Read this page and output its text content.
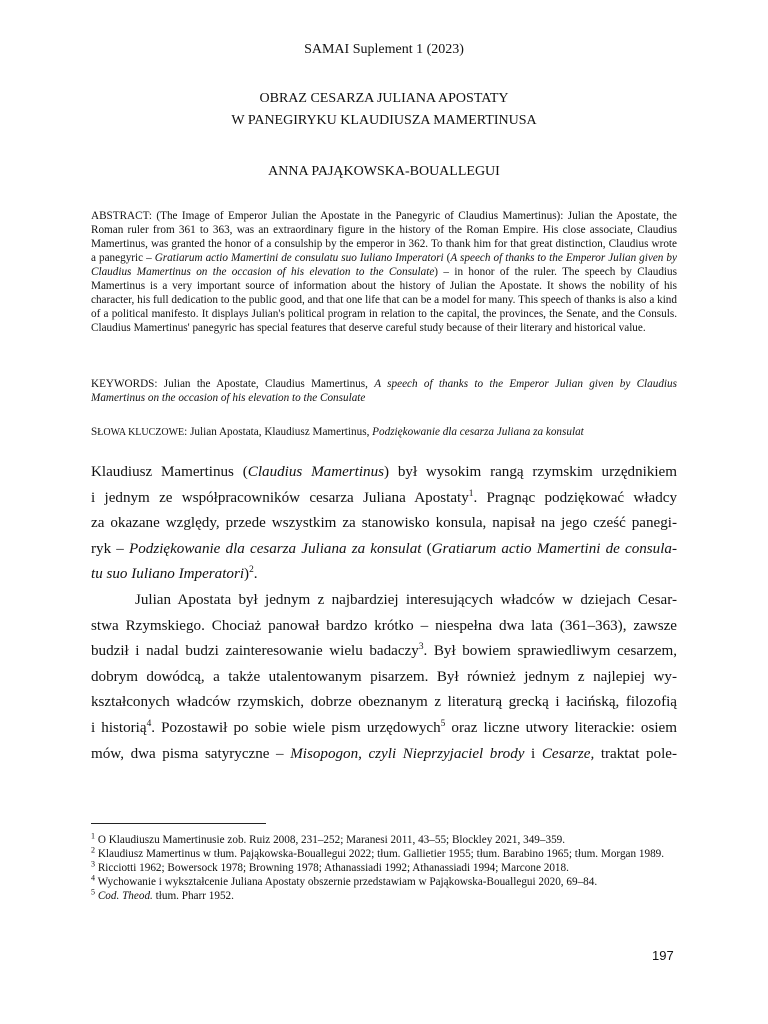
SAMAI Suplement 1 (2023)

OBRAZ CESARZA JULIANA APOSTATY
W PANEGIRYKU KLAUDIUSZA MAMERTINUSA

ANNA PAJĄKOWSKA-BOUALLEGUI

ABSTRACT: (The Image of Emperor Julian the Apostate in the Panegyric of Claudius Mamertinus): Julian the Apostate, the Roman ruler from 361 to 363, was an extraordinary figure in the history of the Roman Empire. His close associate, Claudius Mamertinus, was granted the honor of a consulship by the emperor in 362. To thank him for that great distinction, Claudius wrote a panegyric – Gratiarum actio Mamertini de consulatu suo Iuliano Imperatori (A speech of thanks to the Emperor Julian given by Claudius Mamertinus on the occasion of his elevation to the Consulate) – in honor of the ruler. The speech by Claudius Mamertinus is a very important source of information about the history of Julian the Apostate. It shows the nobility of his character, his full dedication to the public good, and that one life that can be a model for many. This speech of thanks is also a kind of a political manifesto. It displays Julian's political program in relation to the capital, the provinces, the Senate, and the Consuls. Claudius Mamertinus' panegyric has special features that deserve careful study because of their literary and historical value.

KEYWORDS: Julian the Apostate, Claudius Mamertinus, A speech of thanks to the Emperor Julian given by Claudius Mamertinus on the occasion of his elevation to the Consulate

SŁOWA KLUCZOWE: Julian Apostata, Klaudiusz Mamertinus, Podziękowanie dla cesarza Juliana za konsulat

Klaudiusz Mamertinus (Claudius Mamertinus) był wysokim rangą rzymskim urzędnikiem
i jednym ze współpracowników cesarza Juliana Apostaty$^1$. Pragnąc podziękować władcy
za okazane względy, przede wszystkim za stanowisko konsula, napisał na jego cześć panegi-
ryk – Podziękowanie dla cesarza Juliana za konsulat (Gratiarum actio Mamertini de consula-
tu suo Iuliano Imperatori)$^2$.
Julian Apostata był jednym z najbardziej interesujących władców w dziejach Cesar-
stwa Rzymskiego. Chociaż panował bardzo krótko – niespełna dwa lata (361–363), zawsze
budził i nadal budzi zainteresowanie wielu badaczy$^3$. Był bowiem sprawiedliwym cesarzem,
dobrym dowódcą, a także utalentowanym pisarzem. Był również jednym z najlepiej wy-
kształconych władców rzymskich, dobrze obeznanym z literaturą grecką i łacińską, filozofią
i historią$^4$. Pozostawił po sobie wiele pism urzędowych$^5$ oraz liczne utwory literackie: osiem
mów, dwa pisma satyryczne – Misopogon, czyli Nieprzyjaciel brody i Cesarze, traktat pole-
$^1$ O Klaudiuszu Mamertinusie zob. Ruiz 2008, 231–252; Maranesi 2011, 43–55; Blockley 2021, 349–359.
$^2$ Klaudiusz Mamertinus w tłum. Pająkowska-Bouallegui 2022; tłum. Gallietier 1955; tłum. Barabino 1965; tłum. Morgan 1989.
$^3$ Ricciotti 1962; Bowersock 1978; Browning 1978; Athanassiadi 1992; Athanassiadi 1994; Marcone 2018.
$^4$ Wychowanie i wykształcenie Juliana Apostaty obszernie przedstawiam w Pająkowska-Bouallegui 2020, 69–84.
$^5$ Cod. Theod. tłum. Pharr 1952.
197
